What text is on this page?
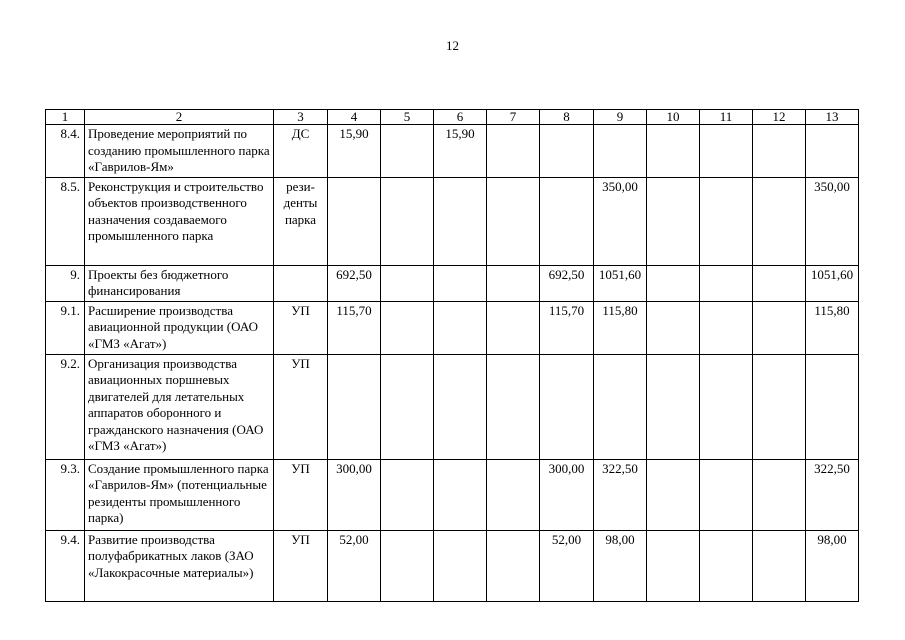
12
1	2	3	4	5	6	7	8	9	10	11	12	13
8.4.	Проведение мероприятий по созданию промышленного парка «Гаврилов-Ям»	ДС	15,90		15,90							
8.5.	Реконструкция и строительство объектов производственного назначения создаваемого промышленного парка	рези-денты парка						350,00				350,00
9.	Проекты без бюджетного финансирования		692,50				692,50	1051,60				1051,60
9.1.	Расширение производства авиационной продукции (ОАО «ГМЗ «Агат»)	УП	115,70				115,70	115,80				115,80
9.2.	Организация производства авиационных поршневых двигателей для летательных аппаратов оборонного и гражданского назначения (ОАО «ГМЗ «Агат»)	УП										
9.3.	Создание промышленного парка «Гаврилов-Ям» (потенциальные резиденты промышленного парка)	УП	300,00				300,00	322,50				322,50
9.4.	Развитие производства полуфабрикатных лаков (ЗАО «Лакокрасочные материалы»)	УП	52,00				52,00	98,00				98,00
